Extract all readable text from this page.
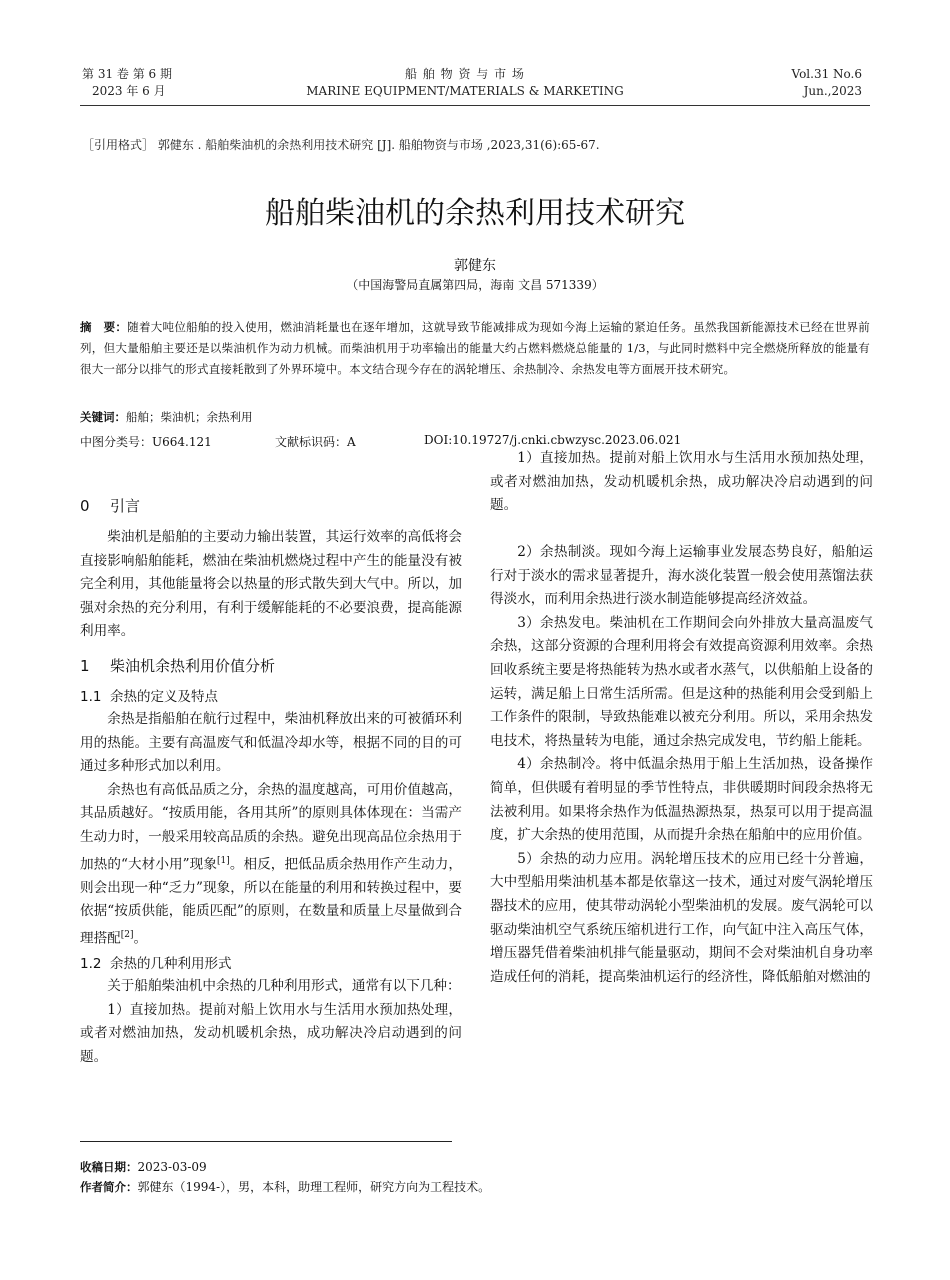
第 31 卷 第 6 期
2023 年 6 月
船 舶 物 资 与 市 场
MARINE EQUIPMENT/MATERIALS & MARKETING
Vol.31 No.6
Jun.,2023
［引用格式］ 郭健东 . 船舶柴油机的余热利用技术研究 [J]. 船舶物资与市场 ,2023,31(6):65-67.
船舶柴油机的余热利用技术研究
郭健东
（中国海警局直属第四局，海南 文昌 571339）
摘　要：随着大吨位船舶的投入使用，燃油消耗量也在逐年增加，这就导致节能减排成为现如今海上运输的紧迫任务。虽然我国新能源技术已经在世界前列，但大量船舶主要还是以柴油机作为动力机械。而柴油机用于功率输出的能量大约占燃料燃烧总能量的 1/3，与此同时燃料中完全燃烧所释放的能量有很大一部分以排气的形式直接耗散到了外界环境中。本文结合现今存在的涡轮增压、余热制冷、余热发电等方面展开技术研究。
关键词：船舶；柴油机；余热利用
中图分类号：U664.121	文献标识码：A	DOI:10.19727/j.cnki.cbwzysc.2023.06.021
0 引言

柴油机是船舶的主要动力输出装置，其运行效率的高低将会直接影响船舶能耗，燃油在柴油机燃烧过程中产生的能量没有被完全利用，其他能量将会以热量的形式散失到大气中。所以，加强对余热的充分利用，有利于缓解能耗的不必要浪费，提高能源利用率。

1 柴油机余热利用价值分析
1.1 余热的定义及特点

余热是指船舶在航行过程中，柴油机释放出来的可被循环利用的热能。主要有高温废气和低温冷却水等，根据不同的目的可通过多种形式加以利用。

余热也有高低品质之分，余热的温度越高，可用价值越高，其品质越好。“按质用能，各用其所”的原则具体体现在：当需产生动力时，一般采用较高品质的余热。避免出现高品位余热用于加热的“大材小用”现象[1]。相反，把低品质余热用作产生动力，则会出现一种“乏力”现象，所以在能量的利用和转换过程中，要依据“按质供能，能质匹配”的原则，在数量和质量上尽量做到合理搭配[2]。

1.2 余热的几种利用形式

关于船舶柴油机中余热的几种利用形式，通常有以下几种：

1）直接加热。提前对船上饮用水与生活用水预加热处理，或者对燃油加热，发动机暖机余热，成功解决冷启动遇到的问题。

1）直接加热。提前对船上饮用水与生活用水预加热处理，或者对燃油加热，发动机暖机余热，成功解决冷启动遇到的问题。

2）余热制淡。现如今海上运输事业发展态势良好，船舶运行对于淡水的需求显著提升，海水淡化装置一般会使用蒸馏法获得淡水，而利用余热进行淡水制造能够提高经济效益。

3）余热发电。柴油机在工作期间会向外排放大量高温废气余热，这部分资源的合理利用将会有效提高资源利用效率。余热回收系统主要是将热能转为热水或者水蒸气，以供船舶上设备的运转，满足船上日常生活所需。但是这种的热能利用会受到船上工作条件的限制，导致热能难以被充分利用。所以，采用余热发电技术，将热量转为电能，通过余热完成发电，节约船上能耗。

4）余热制冷。将中低温余热用于船上生活加热，设备操作简单，但供暖有着明显的季节性特点，非供暖期时间段余热将无法被利用。如果将余热作为低温热源热泵，热泵可以用于提高温度，扩大余热的使用范围，从而提升余热在船舶中的应用价值。

5）余热的动力应用。涡轮增压技术的应用已经十分普遍，大中型船用柴油机基本都是依靠这一技术，通过对废气涡轮增压器技术的应用，使其带动涡轮小型柴油机的发展。废气涡轮可以驱动柴油机空气系统压缩机进行工作，向气缸中注入高压气体，增压器凭借着柴油机排气能量驱动，期间不会对柴油机自身功率造成任何的消耗，提高柴油机运行的经济性，降低船舶对燃油的

收稿日期：2023-03-09
作者简介：郭健东（1994-），男，本科，助理工程师，研究方向为工程技术。
